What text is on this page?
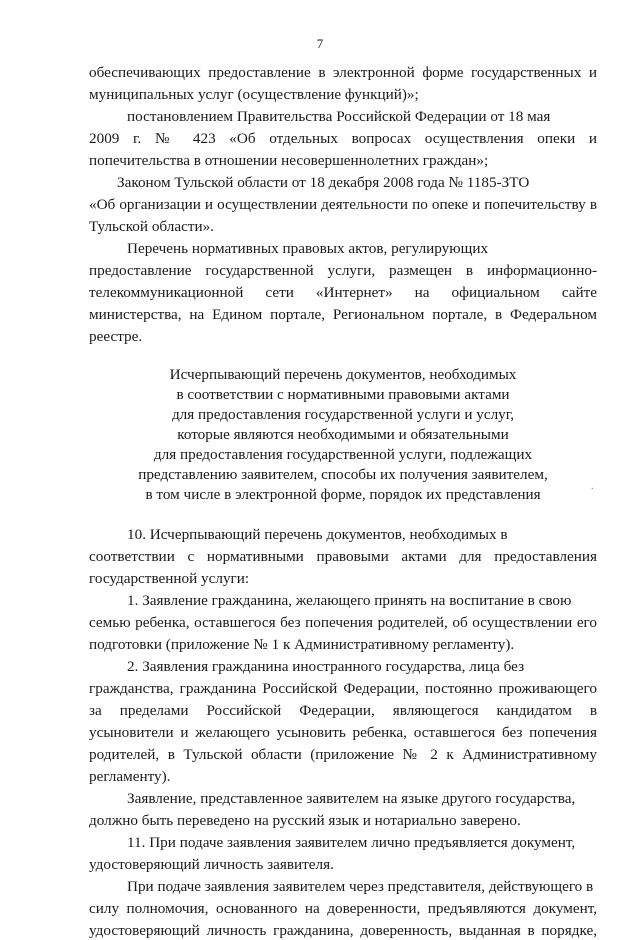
7
обеспечивающих предоставление в электронной форме государственных и
муниципальных услуг (осуществление функций)»;
постановлением Правительства Российской Федерации от 18 мая
2009 г. № 423 «Об отдельных вопросах осуществления опеки и
попечительства в отношении несовершеннолетних граждан»;
Законом Тульской области от 18 декабря 2008 года № 1185-ЗТО
«Об организации и осуществлении деятельности по опеке и попечительству в
Тульской области».
Перечень нормативных правовых актов, регулирующих
предоставление государственной услуги, размещен в информационно-
телекоммуникационной сети «Интернет» на официальном сайте
министерства, на Едином портале, Региональном портале, в Федеральном
реестре.
Исчерпывающий перечень документов, необходимых
в соответствии с нормативными правовыми актами
для предоставления государственной услуги и услуг,
которые являются необходимыми и обязательными
для предоставления государственной услуги, подлежащих
представлению заявителем, способы их получения заявителем,
в том числе в электронной форме, порядок их представления
10. Исчерпывающий перечень документов, необходимых в
соответствии с нормативными правовыми актами для предоставления
государственной услуги:
1. Заявление гражданина, желающего принять на воспитание в свою
семью ребенка, оставшегося без попечения родителей, об осуществлении его
подготовки (приложение № 1 к Административному регламенту).
2. Заявления гражданина иностранного государства, лица без
гражданства, гражданина Российской Федерации, постоянно проживающего
за пределами Российской Федерации, являющегося кандидатом в
усыновители и желающего усыновить ребенка, оставшегося без попечения
родителей, в Тульской области (приложение № 2 к Административному
регламенту).
Заявление, представленное заявителем на языке другого государства,
должно быть переведено на русский язык и нотариально заверено.
11. При подаче заявления заявителем лично предъявляется документ,
удостоверяющий личность заявителя.
При подаче заявления заявителем через представителя, действующего в
силу полномочия, основанного на доверенности, предъявляются документ,
удостоверяющий личность гражданина, доверенность, выданная в порядке,
.
